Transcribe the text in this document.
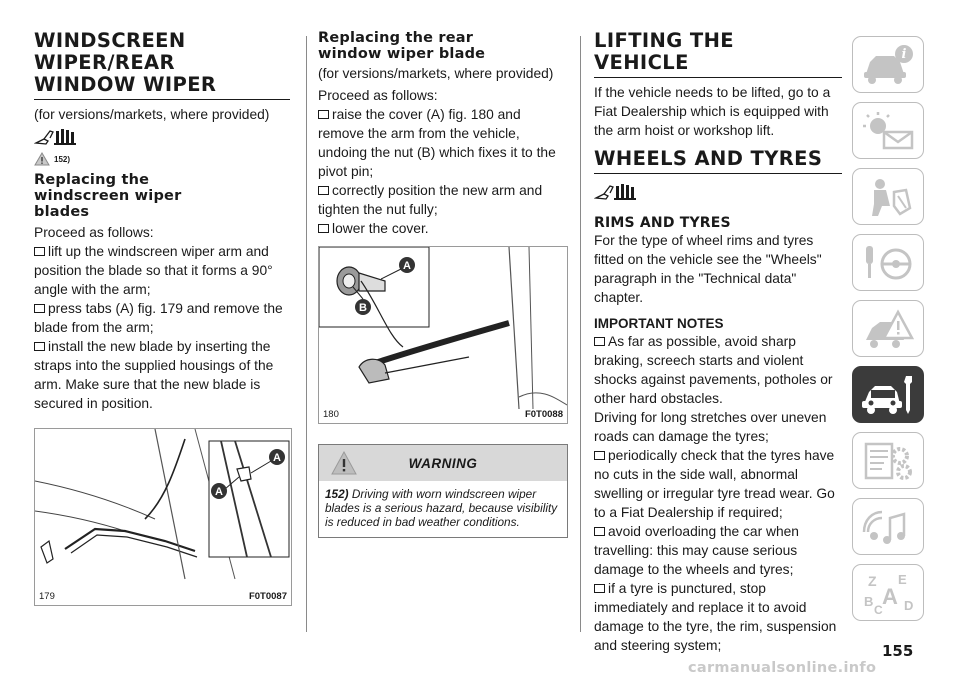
WINDSCREEN
WIPER/REAR
WINDOW WIPER

(for versions/markets, where provided)

152)
Replacing the
windscreen wiper
blades

Proceed as follows:

lift up the windscreen wiper arm and position the blade so that it forms a 90° angle with the arm;
press tabs (A) fig. 179 and remove the blade from the arm;
install the new blade by inserting the straps into the supplied housings of the arm. Make sure that the new blade is secured in position.
A
A
179	F0T0087
Replacing the rear
window wiper blade

(for versions/markets, where provided)

Proceed as follows:

raise the cover (A) fig. 180 and remove the arm from the vehicle, undoing the nut (B) which fixes it to the pivot pin;
correctly position the new arm and tighten the nut fully;
lower the cover.
A
B
180	F0T0088
WARNING
152) Driving with worn windscreen wiper blades is a serious hazard, because visibility is reduced in bad weather conditions.
LIFTING THE
VEHICLE

If the vehicle needs to be lifted, go to a Fiat Dealership which is equipped with the arm hoist or workshop lift.

WHEELS AND TYRES
RIMS AND TYRES

For the type of wheel rims and tyres fitted on the vehicle see the "Wheels" paragraph in the "Technical data" chapter.

IMPORTANT NOTES
As far as possible, avoid sharp braking, screech starts and violent shocks against pavements, potholes or other hard obstacles.

Driving for long stretches over uneven roads can damage the tyres;

periodically check that the tyres have no cuts in the side wall, abnormal swelling or irregular tyre tread wear. Go to a Fiat Dealership if required;
avoid overloading the car when travelling: this may cause serious damage to the wheels and tyres;
if a tyre is punctured, stop immediately and replace it to avoid damage to the tyre, the rim, suspension and steering system;
i
Z E
A
B
C D
155
carmanualsonline.info
